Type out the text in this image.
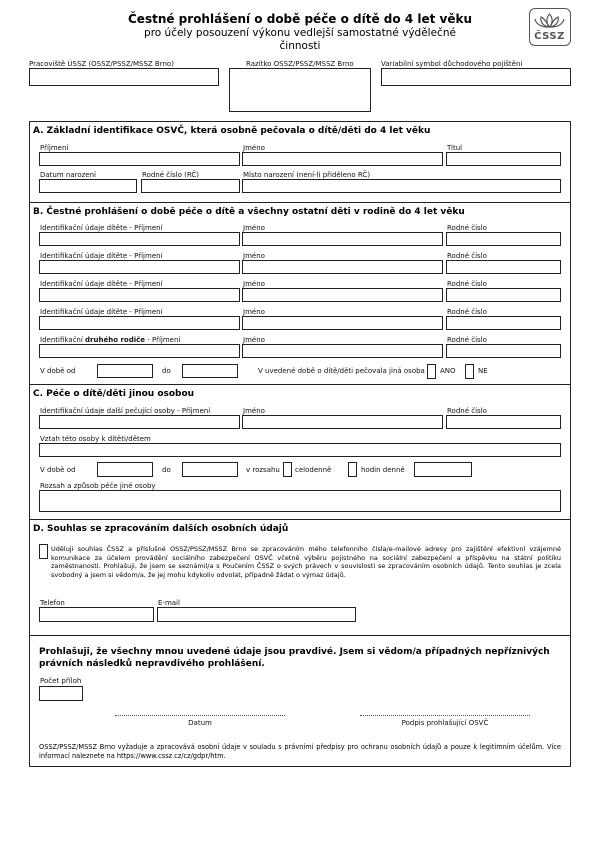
Čestné prohlášení o době péče o dítě do 4 let věku
pro účely posouzení výkonu vedlejší samostatné výdělečné
činnosti
ČSSZ
Pracoviště ÚSSZ (OSSZ/PSSZ/MSSZ Brno)	Razítko OSSZ/PSSZ/MSSZ Brno	Variabilní symbol důchodového pojištění
A. Základní identifikace OSVČ, která osobně pečovala o dítě/děti do 4 let věku
Příjmení	Jméno	Titul
Datum narození	Rodné číslo (RČ)	Místo narození (není-li přiděleno RČ)
B. Čestné prohlášení o době péče o dítě a všechny ostatní děti v rodině do 4 let věku
Identifikační údaje dítěte - Příjmení	Jméno	Rodné číslo
Identifikační údaje dítěte - Příjmení	Jméno	Rodné číslo
Identifikační údaje dítěte - Příjmení	Jméno	Rodné číslo
Identifikační údaje dítěte - Příjmení	Jméno	Rodné číslo
Identifikační druhého rodiče - Příjmení	Jméno	Rodné číslo
V době od	do	V uvedené době o dítě/děti pečovala jiná osoba ANO	NE
C. Péče o dítě/děti jinou osobou
Identifikační údaje další pečující osoby - Příjmení	Jméno	Rodné číslo
Vztah této osoby k dítěti/dětem
V době od	do	v rozsahu celodenně	hodin denně
Rozsah a způsob péče jiné osoby
D. Souhlas se zpracováním dalších osobních údajů
Uděluji souhlas ČSSZ a příslušné OSSZ/PSSZ/MSSZ Brno se zpracováním mého telefonního čísla/e-mailové adresy pro zajištění efektivní vzájemné komunikace za účelem provádění sociálního zabezpečení OSVČ včetně výběru pojistného na sociální zabezpečení a příspěvku na státní politiku zaměstnanosti. Prohlašuji, že jsem se seznámil/a s Poučením ČSSZ o svých právech v souvislosti se zpracováním osobních údajů. Tento souhlas je zcela svobodný a jsem si vědom/a, že jej mohu kdykoliv odvolat, případně žádat o výmaz údajů.
Telefon	E-mail
Prohlašuji, že všechny mnou uvedené údaje jsou pravdivé. Jsem si vědom/a případných nepříznivých právních následků nepravdivého prohlášení.
Počet příloh
Datum	Podpis prohlašující OSVČ
OSSZ/PSSZ/MSSZ Brno vyžaduje a zpracovává osobní údaje v souladu s právními předpisy pro ochranu osobních údajů a pouze k legitimním účelům. Více informací naleznete na https://www.cssz.cz/cz/gdpr/htm.
